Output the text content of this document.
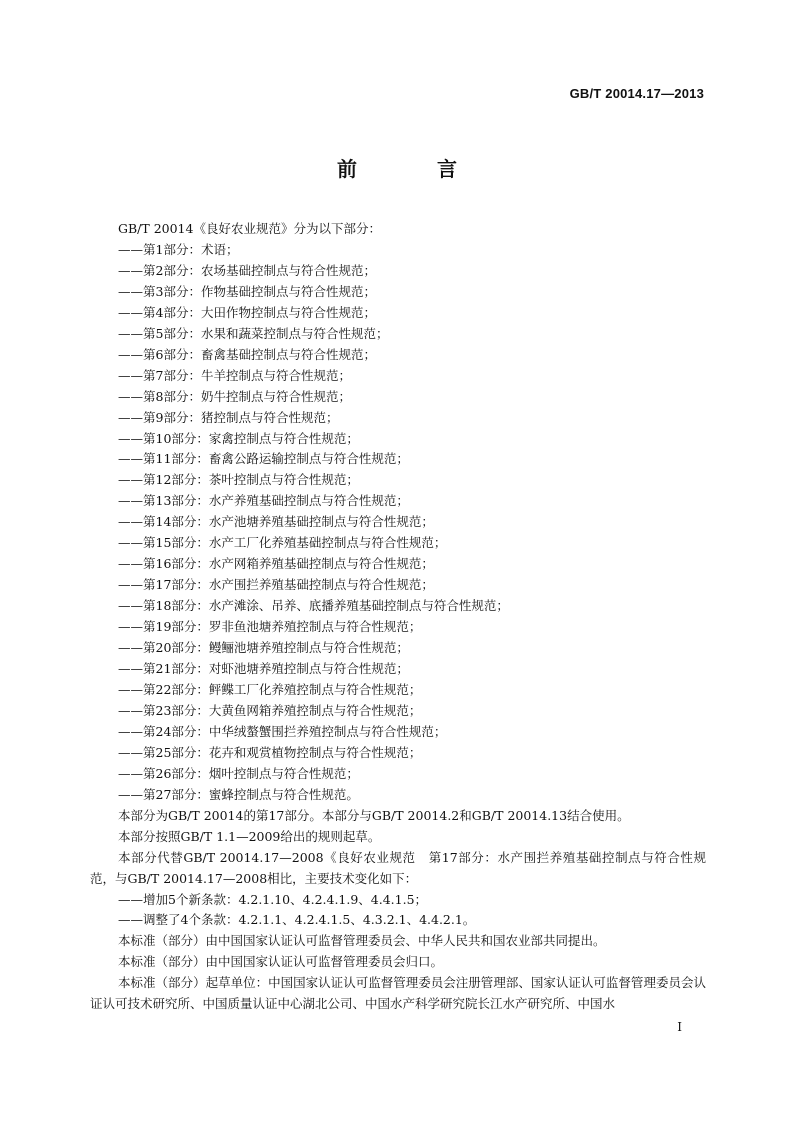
GB/T 20014.17—2013
前　言

GB/T 20014《良好农业规范》分为以下部分：

——第1部分：术语；

——第2部分：农场基础控制点与符合性规范；

——第3部分：作物基础控制点与符合性规范；

——第4部分：大田作物控制点与符合性规范；

——第5部分：水果和蔬菜控制点与符合性规范；

——第6部分：畜禽基础控制点与符合性规范；

——第7部分：牛羊控制点与符合性规范；

——第8部分：奶牛控制点与符合性规范；

——第9部分：猪控制点与符合性规范；

——第10部分：家禽控制点与符合性规范；

——第11部分：畜禽公路运输控制点与符合性规范；

——第12部分：茶叶控制点与符合性规范；

——第13部分：水产养殖基础控制点与符合性规范；

——第14部分：水产池塘养殖基础控制点与符合性规范；

——第15部分：水产工厂化养殖基础控制点与符合性规范；

——第16部分：水产网箱养殖基础控制点与符合性规范；

——第17部分：水产围拦养殖基础控制点与符合性规范；

——第18部分：水产滩涂、吊养、底播养殖基础控制点与符合性规范；

——第19部分：罗非鱼池塘养殖控制点与符合性规范；

——第20部分：鳗鲡池塘养殖控制点与符合性规范；

——第21部分：对虾池塘养殖控制点与符合性规范；

——第22部分：鲆鲽工厂化养殖控制点与符合性规范；

——第23部分：大黄鱼网箱养殖控制点与符合性规范；

——第24部分：中华绒螯蟹围拦养殖控制点与符合性规范；

——第25部分：花卉和观赏植物控制点与符合性规范；

——第26部分：烟叶控制点与符合性规范；

——第27部分：蜜蜂控制点与符合性规范。

本部分为GB/T 20014的第17部分。本部分与GB/T 20014.2和GB/T 20014.13结合使用。

本部分按照GB/T 1.1—2009给出的规则起草。

本部分代替GB/T 20014.17—2008《良好农业规范　第17部分：水产围拦养殖基础控制点与符合性规范，与GB/T 20014.17—2008相比，主要技术变化如下：

——增加5个新条款：4.2.1.10、4.2.4.1.9、4.4.1.5；

——调整了4个条款：4.2.1.1、4.2.4.1.5、4.3.2.1、4.4.2.1。

本标准（部分）由中国国家认证认可监督管理委员会、中华人民共和国农业部共同提出。

本标准（部分）由中国国家认证认可监督管理委员会归口。

本标准（部分）起草单位：中国国家认证认可监督管理委员会注册管理部、国家认证认可监督管理委员会认证认可技术研究所、中国质量认证中心湖北公司、中国水产科学研究院长江水产研究所、中国水

I
